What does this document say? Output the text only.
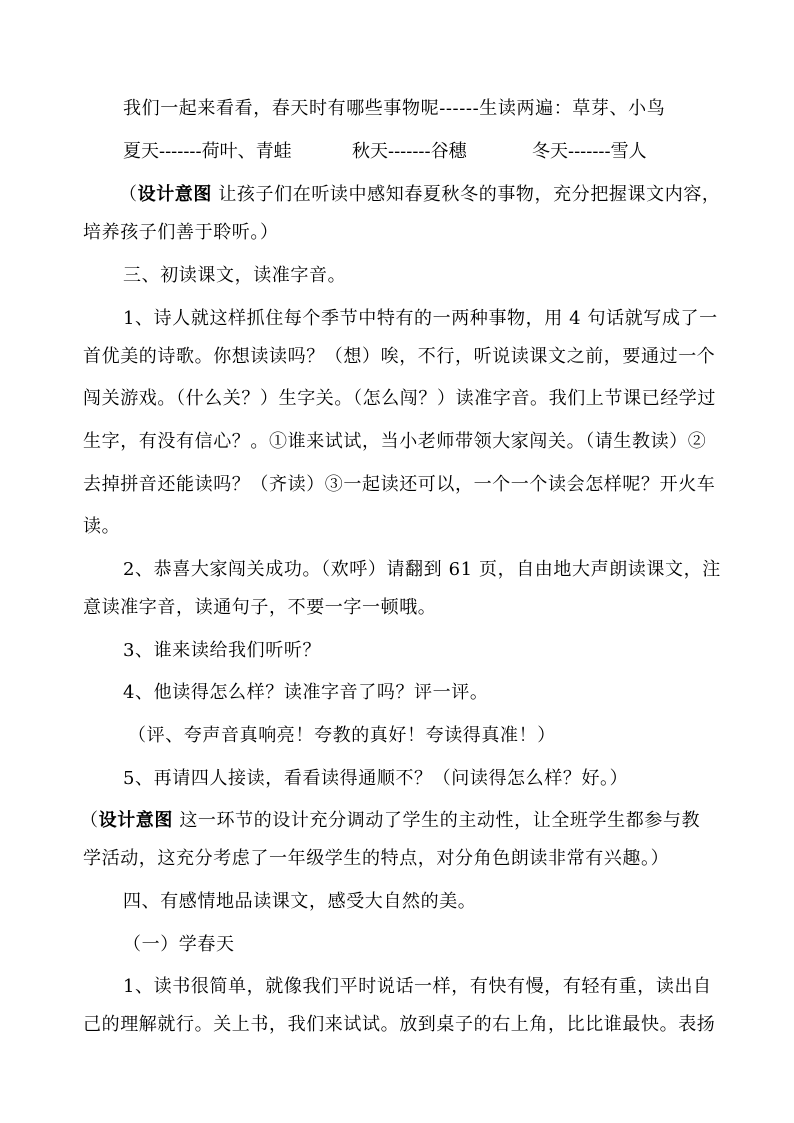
我们一起来看看，春天时有哪些事物呢------生读两遍：草芽、小鸟
夏天-------荷叶、青蛙	秋天-------谷穗	冬天-------雪人
（设计意图 让孩子们在听读中感知春夏秋冬的事物，充分把握课文内容，
培养孩子们善于聆听。）
三、初读课文，读准字音。
1、诗人就这样抓住每个季节中特有的一两种事物，用 4 句话就写成了一
首优美的诗歌。你想读读吗？（想）唉，不行，听说读课文之前，要通过一个
闯关游戏。（什么关？）生字关。（怎么闯？）读准字音。我们上节课已经学过
生字，有没有信心？。①谁来试试，当小老师带领大家闯关。（请生教读）②
去掉拼音还能读吗？（齐读）③一起读还可以，一个一个读会怎样呢？开火车
读。
2、恭喜大家闯关成功。（欢呼）请翻到 61 页，自由地大声朗读课文，注
意读准字音，读通句子，不要一字一顿哦。
3、谁来读给我们听听？
4、他读得怎么样？读准字音了吗？评一评。
（评、夸声音真响亮！夸教的真好！夸读得真准！）
5、再请四人接读，看看读得通顺不？（问读得怎么样？好。）
（设计意图 这一环节的设计充分调动了学生的主动性，让全班学生都参与教
学活动，这充分考虑了一年级学生的特点，对分角色朗读非常有兴趣。）
四、有感情地品读课文，感受大自然的美。
（一）学春天
1、读书很简单，就像我们平时说话一样，有快有慢，有轻有重，读出自
己的理解就行。关上书，我们来试试。放到桌子的右上角，比比谁最快。表扬
